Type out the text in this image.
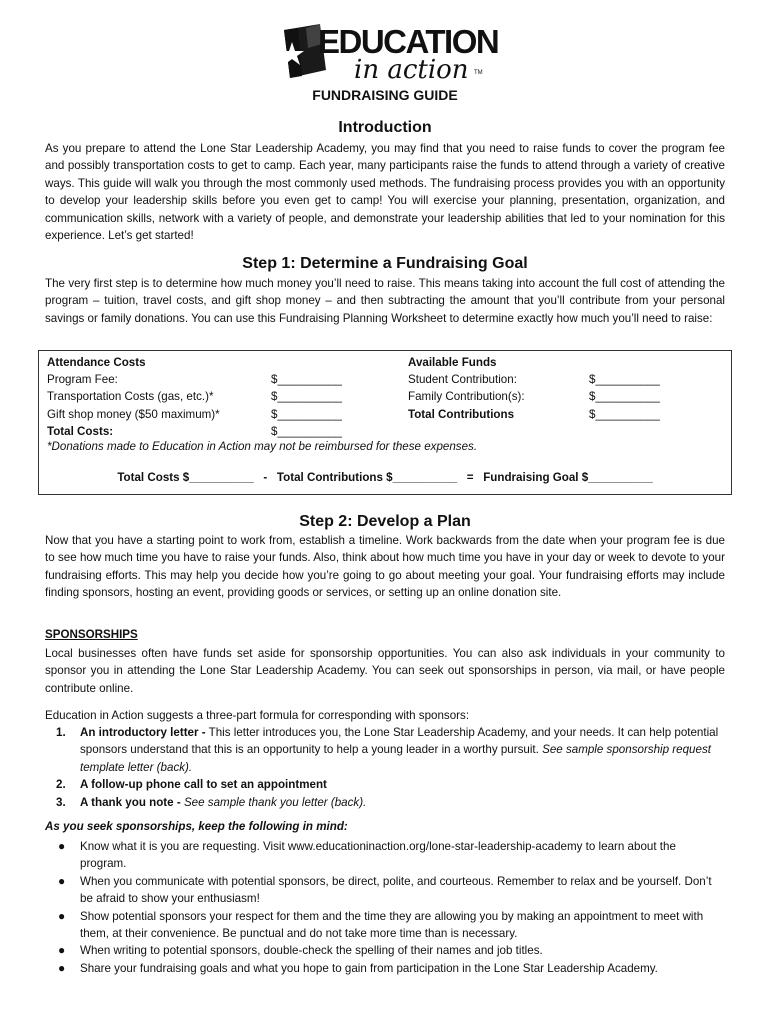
EDUCATION
in action TM
FUNDRAISING GUIDE
Introduction
As you prepare to attend the Lone Star Leadership Academy, you may find that you need to raise funds to cover the program fee and possibly transportation costs to get to camp. Each year, many participants raise the funds to attend through a variety of creative ways. This guide will walk you through the most commonly used methods. The fundraising process provides you with an opportunity to develop your leadership skills before you even get to camp! You will exercise your planning, presentation, organization, and communication skills, network with a variety of people, and demonstrate your leadership abilities that led to your nomination for this experience. Let’s get started!
Step 1: Determine a Fundraising Goal
The very first step is to determine how much money you’ll need to raise. This means taking into account the full cost of attending the program – tuition, travel costs, and gift shop money – and then subtracting the amount that you’ll contribute from your personal savings or family donations. You can use this Fundraising Planning Worksheet to determine exactly how much you’ll need to raise:
Attendance Costs
Program Fee:
Transportation Costs (gas, etc.)*
Gift shop money ($50 maximum)*
Total Costs:

$__________
$__________
$__________
$__________
Available Funds
Student Contribution:
Family Contribution(s):
Total Contributions

$__________
$__________
$__________
*Donations made to Education in Action may not be reimbursed for these expenses.
Total Costs $__________   -   Total Contributions $__________   =   Fundraising Goal $__________
Step 2: Develop a Plan
Now that you have a starting point to work from, establish a timeline. Work backwards from the date when your program fee is due to see how much time you have to raise your funds. Also, think about how much time you have in your day or week to devote to your fundraising efforts. This may help you decide how you’re going to go about meeting your goal. Your fundraising efforts may include finding sponsors, hosting an event, providing goods or services, or setting up an online donation site.
SPONSORSHIPS
Local businesses often have funds set aside for sponsorship opportunities. You can also ask individuals in your community to sponsor you in attending the Lone Star Leadership Academy. You can seek out sponsorships in person, via mail, or have people contribute online.
Education in Action suggests a three-part formula for corresponding with sponsors:
1. An introductory letter - This letter introduces you, the Lone Star Leadership Academy, and your needs. It can help potential sponsors understand that this is an opportunity to help a young leader in a worthy pursuit. See sample sponsorship request template letter (back).
2. A follow-up phone call to set an appointment
3. A thank you note - See sample thank you letter (back).
As you seek sponsorships, keep the following in mind:
● Know what it is you are requesting. Visit www.educationinaction.org/lone-star-leadership-academy to learn about the program.
● When you communicate with potential sponsors, be direct, polite, and courteous. Remember to relax and be yourself. Don’t be afraid to show your enthusiasm!
● Show potential sponsors your respect for them and the time they are allowing you by making an appointment to meet with them, at their convenience. Be punctual and do not take more time than is necessary.
● When writing to potential sponsors, double-check the spelling of their names and job titles.
● Share your fundraising goals and what you hope to gain from participation in the Lone Star Leadership Academy.
